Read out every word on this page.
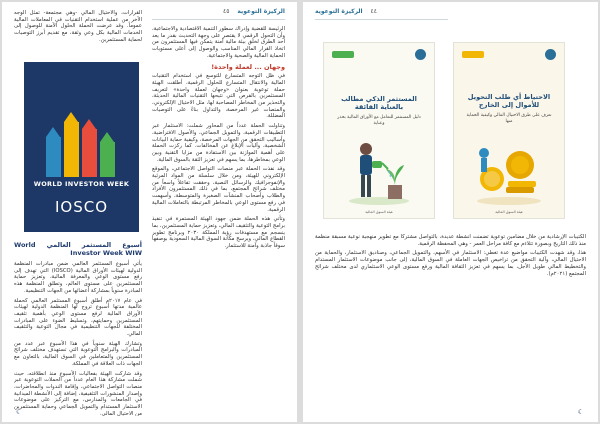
الركيزة التوعوية ٤٥

الرئيسة للقضية وإدراك سطور التنمية الاقتصادية والاجتماعية، وأن التحول الرقمي لا يقتصر على وجهة التحديث بقدر ما يعد أحد الطرق لخلق بيئة مالية آمنة يتمكن فيها المستثمرون من اتخاذ القرار المالي المناسب والوصول إلى أعلى مستويات الحماية المالية والصحية والاجتماعية.

وجهان ... لعملة واحدة!

في ظل التوجه المتسارع للتوسع في استخدام التقنيات المالية والانتقال المتسارع للحلول الرقمية، أطلقت الهيئة حملة توعوية بعنوان «وجهان لعملة واحدة» لتعريف المستثمرين بالفرص التي تتيحها التقنيات المالية الحديثة، والتحذير من المخاطر المصاحبة لها، مثل الاحتيال الإلكتروني، والمنصات غير المرخصة، والتداول بناءً على التوصيات المضللة.

وتناولت الحملة عدداً من المحاور شملت: الاستثمار عبر التطبيقات الرقمية، والتمويل الجماعي، والأصول الافتراضية، وأساليب التحقق من الجهات المرخصة، وكيفية حماية البيانات الشخصية، وآليات الإبلاغ عن المخالفات. كما ركزت الحملة على أهمية الموازنة بين الاستفادة من مزايا التقنية وبين الوعي بمخاطرها، بما يسهم في تعزيز الثقة بالسوق المالية.

وقد نفذت الحملة عبر منصات التواصل الاجتماعي، والموقع الإلكتروني للهيئة، ومن خلال سلسلة من المواد المرئية والإنفوجرافيك والرسائل النصية، وحققت تفاعلاً واسعاً من مختلف شرائح المجتمع، بما في ذلك المستثمرون الأفراد والطلاب وأصحاب المنشآت الصغيرة والمتوسطة، وأسهمت في رفع مستوى الوعي بالمخاطر المرتبطة بالتعاملات المالية الرقمية.

وتأتي هذه الحملة ضمن جهود الهيئة المستمرة في تنفيذ برامج التوعية والتثقيف المالي، وتعزيز حماية المستثمرين، بما ينسجم مع مستهدفات رؤية المملكة ٢٠٣٠ وبرنامج تطوير القطاع المالي، ويرسخ مكانة السوق المالية السعودية بوصفها سوقاً جاذبة وآمنة للاستثمار.

القرارات، والاحتيال المالي -وهي مجتمعة- تمثل الوجه الآخر من عملية استخدام التقنيات في المعاملات المالية عموماً. وقد عرضت الحملة الحلول الآمنة للوصول إلى الخدمات المالية بكل وعي وثقة، مع تقديم أبرز التوصيات لحماية المستثمرين.

WORLD INVESTOR WEEK
IOSCO
أسبوع المستثمر العالمي World Investor Week WIW

يأتي أسبوع المستثمر العالمي ضمن مبادرات المنظمة الدولية لهيئات الأوراق المالية (IOSCO) التي تهدف إلى رفع مستوى الوعي والمعرفة المالية، وتعزيز حماية المستثمرين على مستوى العالم، وتطلق المنظمة هذه المبادرة سنوياً بمشاركة أعضائها من الجهات التنظيمية.

في عام ٢٠١٧م أطلق أسبوع المستثمر العالمي كحملة عالمية مدتها أسبوع تروج لها المنظمة الدولية لهيئات الأوراق المالية لرفع مستوى الوعي بأهمية تثقيف المستثمرين وحمايتهم، وتسليط الضوء على المبادرات المختلفة للجهات التنظيمية في مجال التوعية والتثقيف المالي.

وتشارك الهيئة سنوياً في هذا الأسبوع عبر عدد من المبادرات والبرامج التوعوية التي تستهدف مختلف شرائح المستثمرين والمتعاملين في السوق المالية، بالتعاون مع الجهات ذات العلاقة في المملكة.

وقد شاركت الهيئة بفعاليات الأسبوع منذ انطلاقته، حيث شملت مشاركة هذا العام عدداً من الحملات التوعوية عبر منصات التواصل الاجتماعي، وإقامة الندوات والمحاضرات، وإصدار المنشورات التثقيفية، إضافة إلى الأنشطة الميدانية في الجامعات والمدارس، مع التركيز على موضوعات الاستثمار المستدام والتمويل الجماعي وحماية المستثمرين من الاحتيال المالي.

☾
٤٤ الركيزة التوعوية
المستثمر الذكي مطالب بالعناية الفائقة
دليل المستثمر للتعامل مع الأوراق المالية بحذر وعناية
هيئة السوق المالية
الاحتياط أي طلب التحويل للأموال إلى الخارج
تعرف على طرق الاحتيال المالي وكيفية الحماية منها
هيئة السوق المالية

الكتيبات الإرشادية من خلال مضامين توعوية تضمنت أنشطة عديدة، بالتواصل مشتركاً مع تطوير منهجية نوعية مسبقة منظمة منذ ذلك التاريخ وبصورة تتلاءم مع كافة مراحل العمر - وهي المحفظة الرقمية.

هذا، وقد شهدت الكتيبات مواضيع عدة تغطي: الاستثمار في الأسهم، والتمويل الجماعي، وصناديق الاستثمار، والحماية من الاحتيال المالي، وآلية التحقق من تراخيص الجهات العاملة في السوق المالية، إلى جانب موضوعات الاستثمار المستدام والتخطيط المالي طويل الأجل، بما يسهم في تعزيز الثقافة المالية ورفع مستوى الوعي الاستثماري لدى مختلف شرائح المجتمع (٢٠٢١م).

☾
